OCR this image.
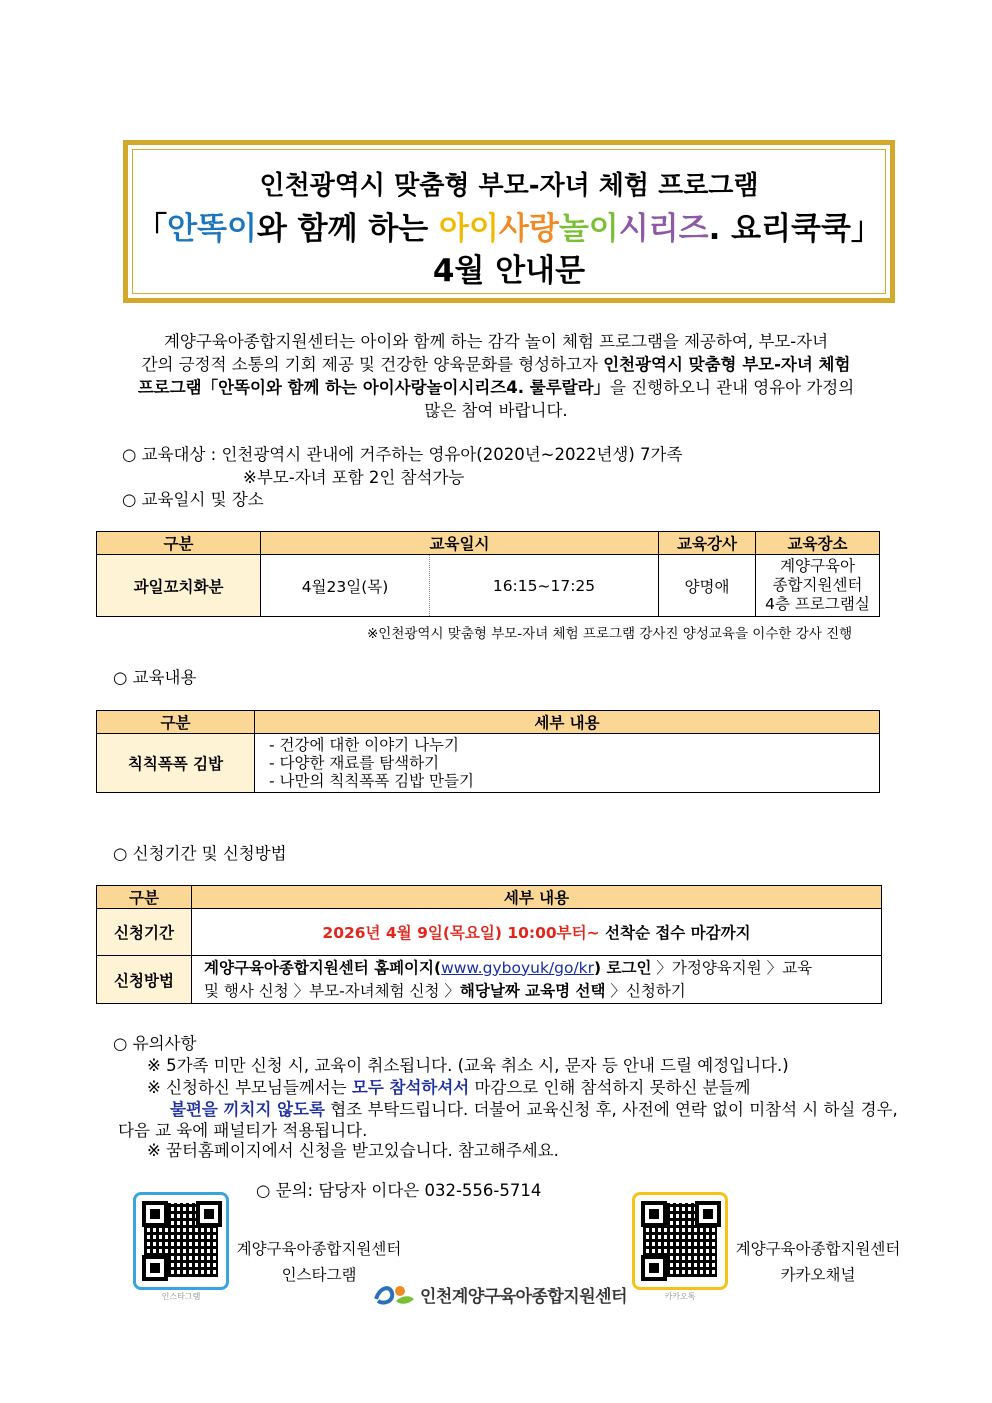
인천광역시 맞춤형 부모-자녀 체험 프로그램
「안똑이와 함께 하는 아이사랑놀이시리즈. 요리쿡쿡」
4월 안내문

계양구육아종합지원센터는 아이와 함께 하는 감각 놀이 체험 프로그램을 제공하여, 부모-자녀

간의 긍정적 소통의 기회 제공 및 건강한 양육문화를 형성하고자 인천광역시 맞춤형 부모-자녀 체험

프로그램「안똑이와 함께 하는 아이사랑놀이시리즈4. 룰루랄라」을 진행하오니 관내 영유아 가정의

많은 참여 바랍니다.

○ 교육대상 : 인천광역시 관내에 거주하는 영유아(2020년~2022년생) 7가족
※부모-자녀 포함 2인 참석가능
○ 교육일시 및 장소
구분	교육일시		교육강사	교육장소
과일꼬치화분	4월23일(목)	16:15~17:25	양명애	계양구육아
종합지원센터
4층 프로그램실
※인천광역시 맞춤형 부모-자녀 체험 프로그램 강사진 양성교육을 이수한 강사 진행
○ 교육내용
구분	세부 내용
칙칙폭폭 김밥	- 건강에 대한 이야기 나누기
- 다양한 재료를 탐색하기
- 나만의 칙칙폭폭 김밥 만들기
○ 신청기간 및 신청방법
구분	세부 내용
신청기간	2026년 4월 9일(목요일) 10:00부터~ 선착순 접수 마감까지
신청방법	계양구육아종합지원센터 홈페이지(www.gyboyuk/go/kr) 로그인 〉가정양육지원 〉교육
및 행사 신청 〉부모-자녀체험 신청 〉해당날짜 교육명 선택 〉신청하기
○ 유의사항
※ 5가족 미만 신청 시, 교육이 취소됩니다. (교육 취소 시, 문자 등 안내 드릴 예정입니다.)
※ 신청하신 부모님들께서는 모두 참석하셔서 마감으로 인해 참석하지 못하신 분들께
불편을 끼치지 않도록 협조 부탁드립니다. 더불어 교육신청 후, 사전에 연락 없이 미참석 시 하실 경우,
다음 교 육에 패널티가 적용됩니다.
※ 꿈터홈페이지에서 신청을 받고있습니다. 참고해주세요.
○ 문의: 담당자 이다은 032-556-5714
인스타그램
계양구육아종합지원센터
인스타그램
카카오톡
계양구육아종합지원센터
카카오채널
인천계양구육아종합지원센터
